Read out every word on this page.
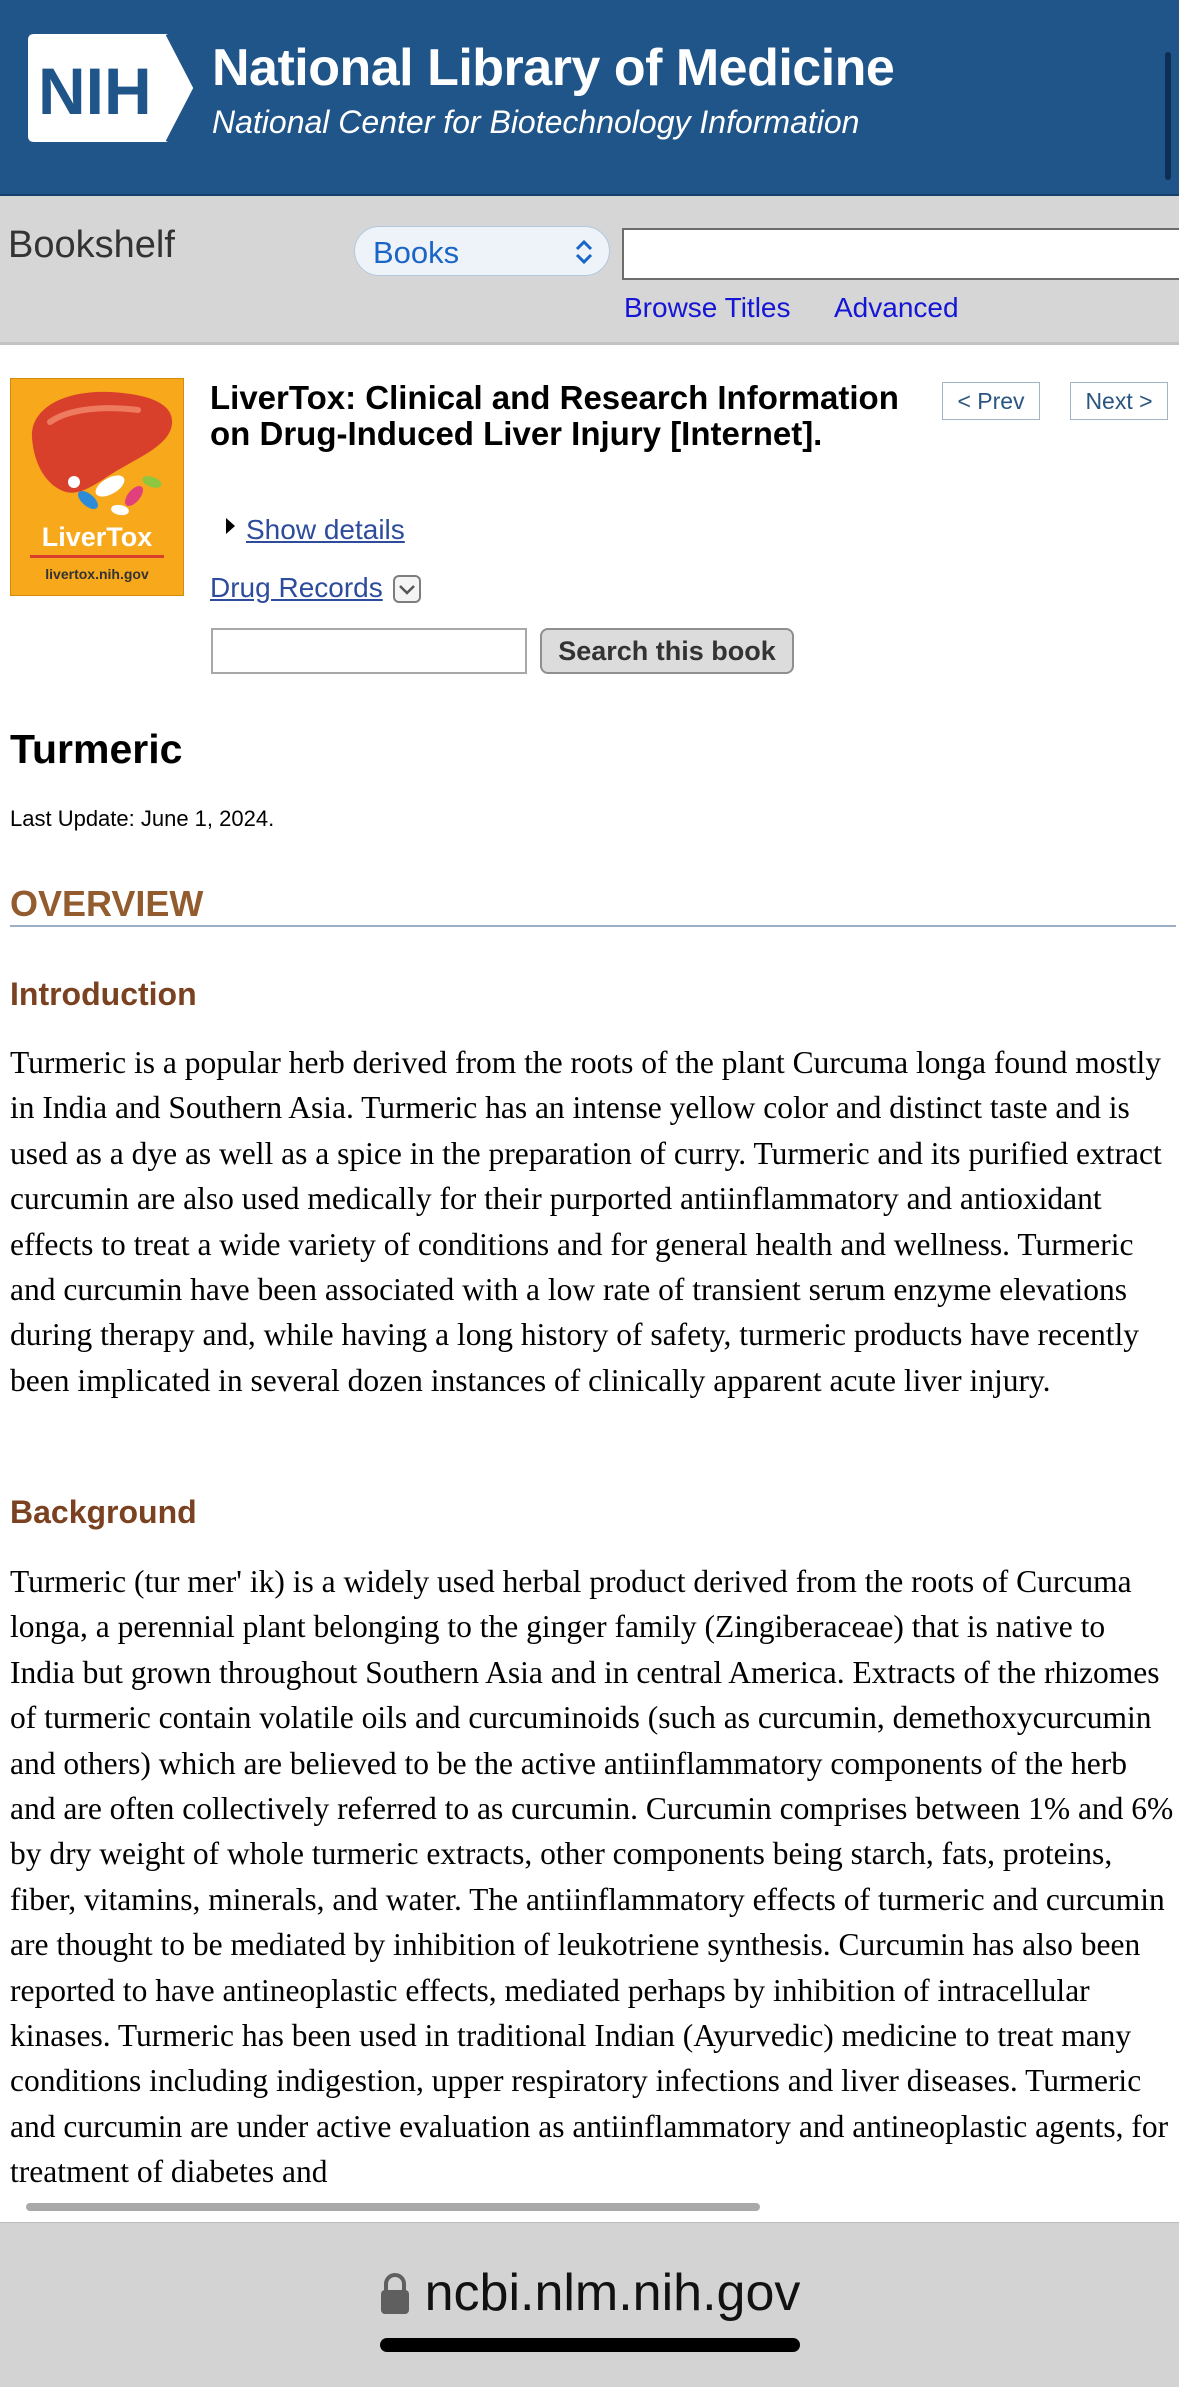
NIH National Library of Medicine
National Center for Biotechnology Information
Bookshelf	Books
Browse Titles Advanced
LiverTox
livertox.nih.gov
LiverTox: Clinical and Research Information on Drug-Induced Liver Injury [Internet].
< Prev	Next >
Show details
Drug Records
Search this book
Turmeric
Last Update: June 1, 2024.
OVERVIEW
Introduction
Turmeric is a popular herb derived from the roots of the plant Curcuma longa found mostly in India and Southern Asia. Turmeric has an intense yellow color and distinct taste and is used as a dye as well as a spice in the preparation of curry. Turmeric and its purified extract curcumin are also used medically for their purported antiinflammatory and antioxidant effects to treat a wide variety of conditions and for general health and wellness. Turmeric and curcumin have been associated with a low rate of transient serum enzyme elevations during therapy and, while having a long history of safety, turmeric products have recently been implicated in several dozen instances of clinically apparent acute liver injury.
Background
Turmeric (tur mer' ik) is a widely used herbal product derived from the roots of Curcuma longa, a perennial plant belonging to the ginger family (Zingiberaceae) that is native to India but grown throughout Southern Asia and in central America. Extracts of the rhizomes of turmeric contain volatile oils and curcuminoids (such as curcumin, demethoxycurcumin and others) which are believed to be the active antiinflammatory components of the herb and are often collectively referred to as curcumin. Curcumin comprises between 1% and 6% by dry weight of whole turmeric extracts, other components being starch, fats, proteins, fiber, vitamins, minerals, and water. The antiinflammatory effects of turmeric and curcumin are thought to be mediated by inhibition of leukotriene synthesis. Curcumin has also been reported to have antineoplastic effects, mediated perhaps by inhibition of intracellular kinases. Turmeric has been used in traditional Indian (Ayurvedic) medicine to treat many conditions including indigestion, upper respiratory infections and liver diseases. Turmeric and curcumin are under active evaluation as antiinflammatory and antineoplastic agents, for treatment of diabetes and
ncbi.nlm.nih.gov
